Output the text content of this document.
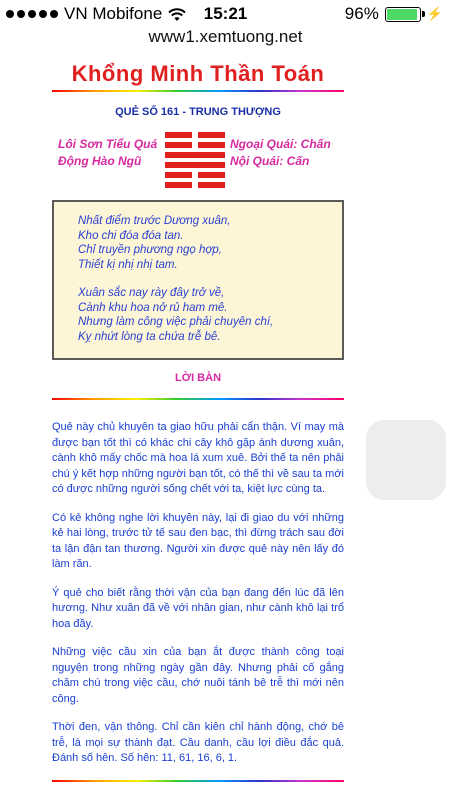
VN Mobifone	15:21	96%	⚡
www1.xemtuong.net
Khổng Minh Thần Toán
QUẺ SỐ 161 - TRUNG THƯỢNG
Lôi Sơn Tiểu Quá
Động Hào Ngũ
Ngoại Quái: Chấn
Nội Quái: Cấn
Nhất điểm trước Dương xuân,
Kho chi đóa đóa tan.
Chỉ truyền phương ngọ hợp,
Thiết kị nhị nhị tam.
Xuân sắc nay rày đây trở về,
Cành khu hoa nở rủ ham mê.
Nhưng làm công việc phải chuyên chí,
Kỵ nhứt lòng ta chứa trễ bê.
LỜI BÀN

Quẻ này chủ khuyên ta giao hữu phải cẩn thận. Ví may mà được bạn tốt thì có khác chi cây khô gặp ánh dương xuân, cành khô mấy chốc mà hoa lá xum xuê. Bởi thế ta nên phải chú ý kết hợp những người bạn tốt, có thế thì về sau ta mới có được những người sống chết với ta, kiệt lực cùng ta.

Có kẻ không nghe lời khuyên này, lại đi giao du với những kẻ hai lòng, trước tử tế sau đen bạc, thì đừng trách sau đời ta lận đận tan thương. Người xin được quẻ này nên lấy đó làm răn.

Ý quẻ cho biết rằng thời vận của bạn đang đến lúc đã lên hương. Như xuân đã về với nhân gian, như cành khô lại trổ hoa đầy.

Những việc cầu xin của bạn ắt được thành công toại nguyện trong những ngày gần đây. Nhưng phải cố gắng chăm chú trong việc cầu, chớ nuôi tánh bê trễ thì mới nên công.

Thời đen, vận thông. Chỉ cần kiên chỉ hành động, chớ bê trễ, là mọi sự thành đạt. Cầu danh, cầu lợi điều đắc quả. Đánh số hên. Số hên: 11, 61, 16, 6, 1.
